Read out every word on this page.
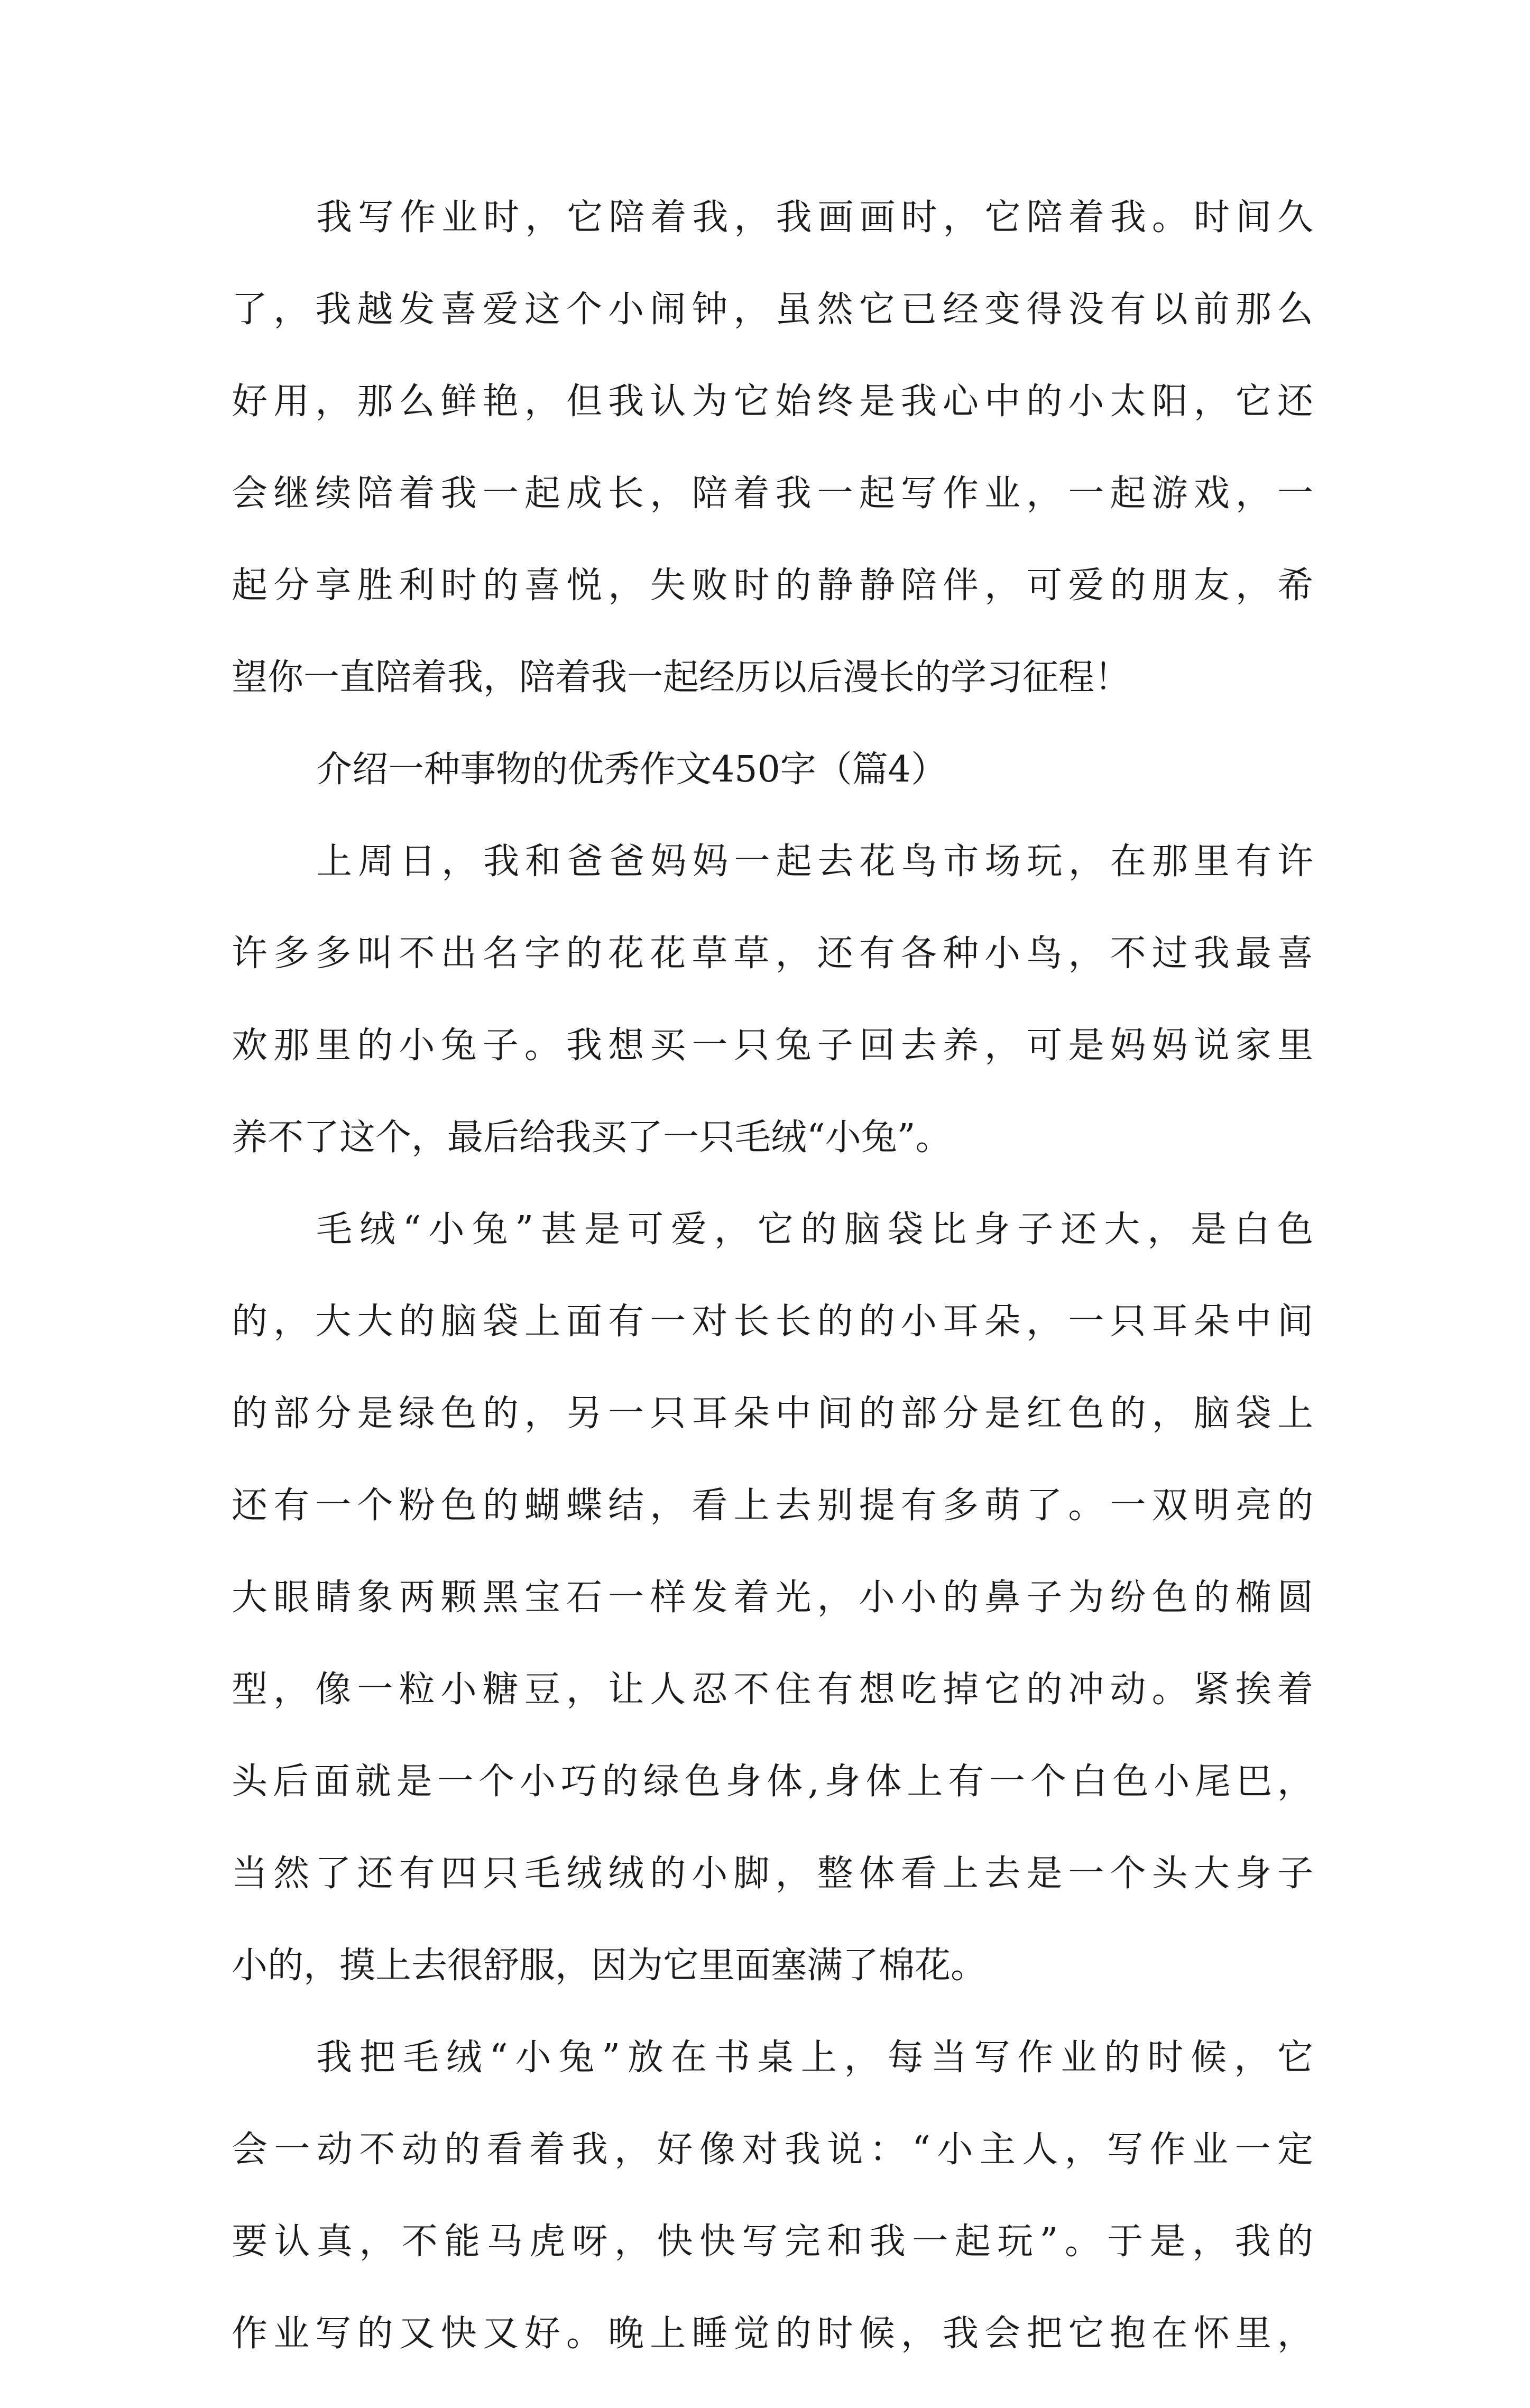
我写作业时，它陪着我，我画画时，它陪着我。时间久
了，我越发喜爱这个小闹钟，虽然它已经变得没有以前那么
好用，那么鲜艳，但我认为它始终是我心中的小太阳，它还
会继续陪着我一起成长，陪着我一起写作业，一起游戏，一
起分享胜利时的喜悦，失败时的静静陪伴，可爱的朋友，希
望你一直陪着我，陪着我一起经历以后漫长的学习征程！
介绍一种事物的优秀作文450字（篇4）
上周日，我和爸爸妈妈一起去花鸟市场玩，在那里有许
许多多叫不出名字的花花草草，还有各种小鸟，不过我最喜
欢那里的小兔子。我想买一只兔子回去养，可是妈妈说家里
养不了这个，最后给我买了一只毛绒“小兔”。
毛绒“小兔”甚是可爱，它的脑袋比身子还大，是白色
的，大大的脑袋上面有一对长长的的小耳朵，一只耳朵中间
的部分是绿色的，另一只耳朵中间的部分是红色的，脑袋上
还有一个粉色的蝴蝶结，看上去别提有多萌了。一双明亮的
大眼睛象两颗黑宝石一样发着光，小小的鼻子为纷色的椭圆
型，像一粒小糖豆，让人忍不住有想吃掉它的冲动。紧挨着
头后面就是一个小巧的绿色身体,身体上有一个白色小尾巴，
当然了还有四只毛绒绒的小脚，整体看上去是一个头大身子
小的，摸上去很舒服，因为它里面塞满了棉花。
我把毛绒“小兔”放在书桌上，每当写作业的时候，它
会一动不动的看着我，好像对我说：“小主人，写作业一定
要认真，不能马虎呀，快快写完和我一起玩”。于是，我的
作业写的又快又好。晚上睡觉的时候，我会把它抱在怀里，
